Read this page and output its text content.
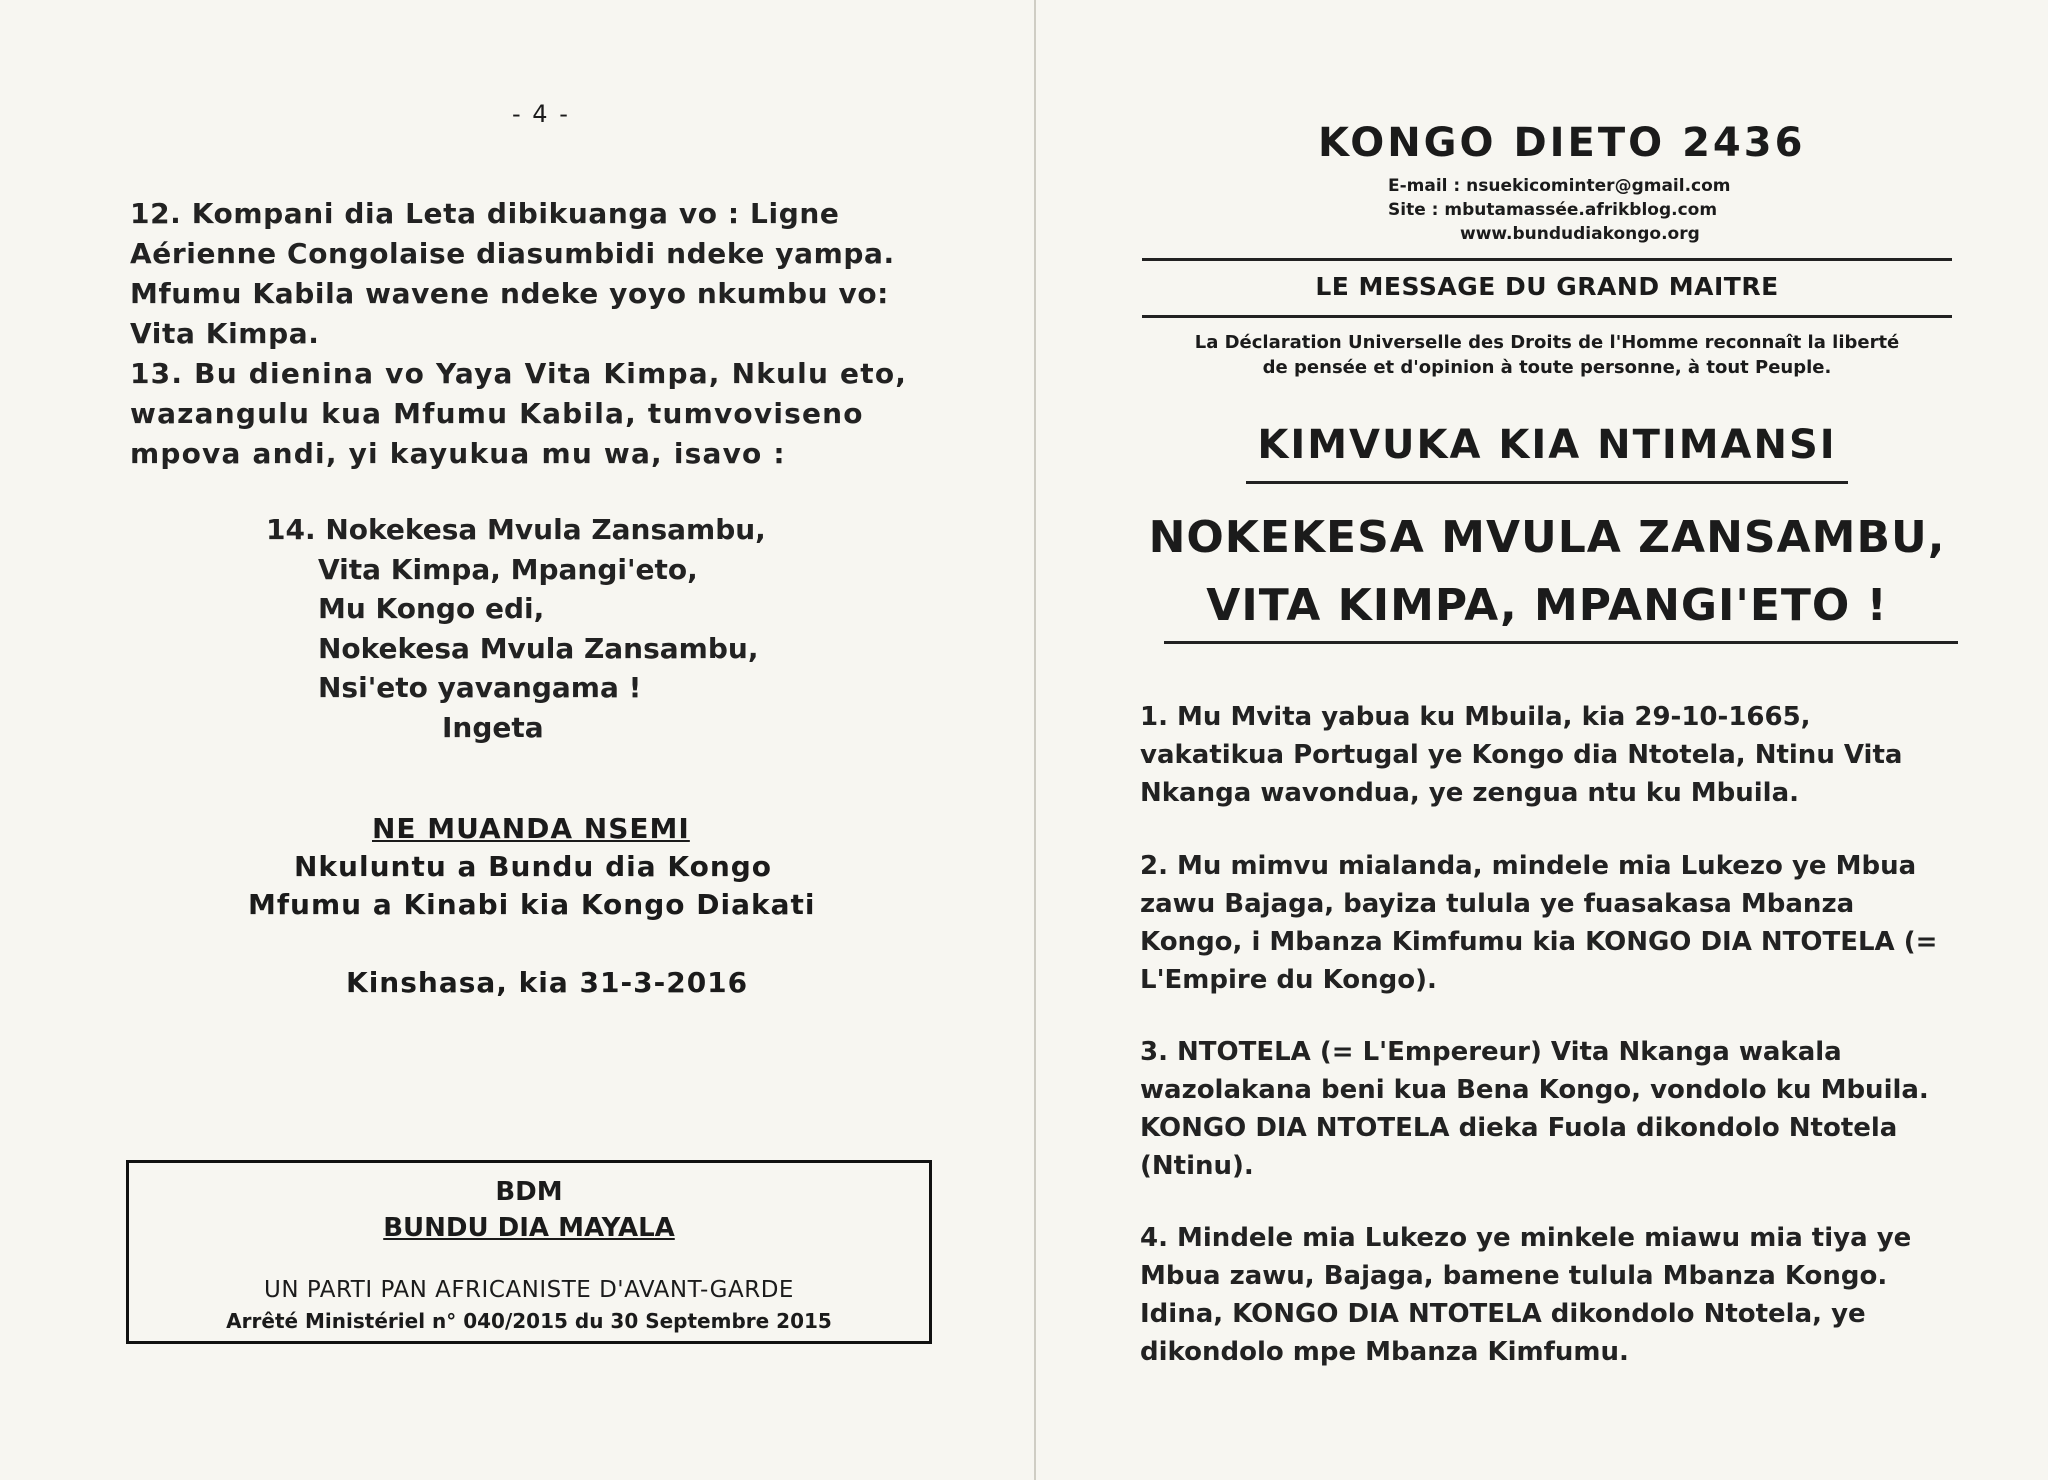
- 4 -
12. Kompani dia Leta dibikuanga vo : Ligne Aérienne Congolaise diasumbidi ndeke yampa. Mfumu Kabila wavene ndeke yoyo nkumbu vo: Vita Kimpa.
13. Bu dienina vo Yaya Vita Kimpa, Nkulu eto, wazangulu kua Mfumu Kabila, tumvoviseno mpova andi, yi kayukua mu wa, isavo :
14. Nokekesa Mvula Zansambu,
Vita Kimpa, Mpangi'eto,
Mu Kongo edi,
Nokekesa Mvula Zansambu,
Nsi'eto yavangama !
Ingeta
NE MUANDA NSEMI
Nkuluntu a Bundu dia Kongo
Mfumu a Kinabi kia Kongo Diakati
Kinshasa, kia 31-3-2016
BDM
BUNDU DIA MAYALA
UN PARTI PAN AFRICANISTE D'AVANT-GARDE
Arrêté Ministériel n° 040/2015 du 30 Septembre 2015
KONGO DIETO 2436
E-mail : nsuekicominter@gmail.com
Site : mbutamassée.afrikblog.com
www.bundudiakongo.org
LE MESSAGE DU GRAND MAITRE
La Déclaration Universelle des Droits de l'Homme reconnaît la liberté
de pensée et d'opinion à toute personne, à tout Peuple.
KIMVUKA KIA NTIMANSI
NOKEKESA MVULA ZANSAMBU,
VITA KIMPA, MPANGI'ETO !
1. Mu Mvita yabua ku Mbuila, kia 29-10-1665, vakatikua Portugal ye Kongo dia Ntotela, Ntinu Vita Nkanga wavondua, ye zengua ntu ku Mbuila.
2. Mu mimvu mialanda, mindele mia Lukezo ye Mbua zawu Bajaga, bayiza tulula ye fuasakasa Mbanza Kongo, i Mbanza Kimfumu kia KONGO DIA NTOTELA (= L'Empire du Kongo).
3. NTOTELA (= L'Empereur) Vita Nkanga wakala wazolakana beni kua Bena Kongo, vondolo ku Mbuila. KONGO DIA NTOTELA dieka Fuola dikondolo Ntotela (Ntinu).
4. Mindele mia Lukezo ye minkele miawu mia tiya ye Mbua zawu, Bajaga, bamene tulula Mbanza Kongo. Idina, KONGO DIA NTOTELA dikondolo Ntotela, ye dikondolo mpe Mbanza Kimfumu.
